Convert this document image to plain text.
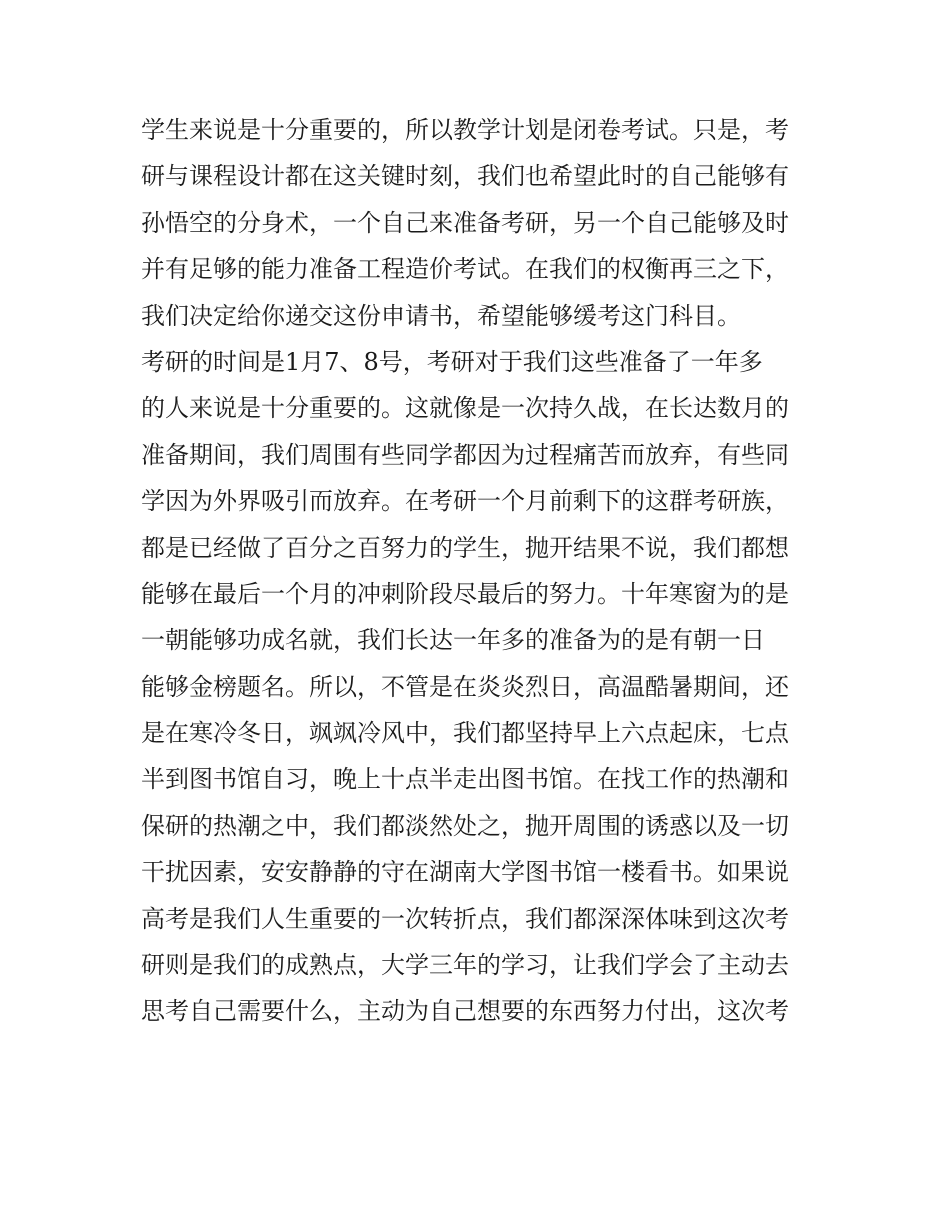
学生来说是十分重要的，所以教学计划是闭卷考试。只是，考
研与课程设计都在这关键时刻，我们也希望此时的自己能够有
孙悟空的分身术，一个自己来准备考研，另一个自己能够及时
并有足够的能力准备工程造价考试。在我们的权衡再三之下，
我们决定给你递交这份申请书，希望能够缓考这门科目。
考研的时间是1月7、8号，考研对于我们这些准备了一年多
的人来说是十分重要的。这就像是一次持久战，在长达数月的
准备期间，我们周围有些同学都因为过程痛苦而放弃，有些同
学因为外界吸引而放弃。在考研一个月前剩下的这群考研族，
都是已经做了百分之百努力的学生，抛开结果不说，我们都想
能够在最后一个月的冲刺阶段尽最后的努力。十年寒窗为的是
一朝能够功成名就，我们长达一年多的准备为的是有朝一日
能够金榜题名。所以，不管是在炎炎烈日，高温酷暑期间，还
是在寒冷冬日，飒飒冷风中，我们都坚持早上六点起床，七点
半到图书馆自习，晚上十点半走出图书馆。在找工作的热潮和
保研的热潮之中，我们都淡然处之，抛开周围的诱惑以及一切
干扰因素，安安静静的守在湖南大学图书馆一楼看书。如果说
高考是我们人生重要的一次转折点，我们都深深体味到这次考
研则是我们的成熟点，大学三年的学习，让我们学会了主动去
思考自己需要什么，主动为自己想要的东西努力付出，这次考
